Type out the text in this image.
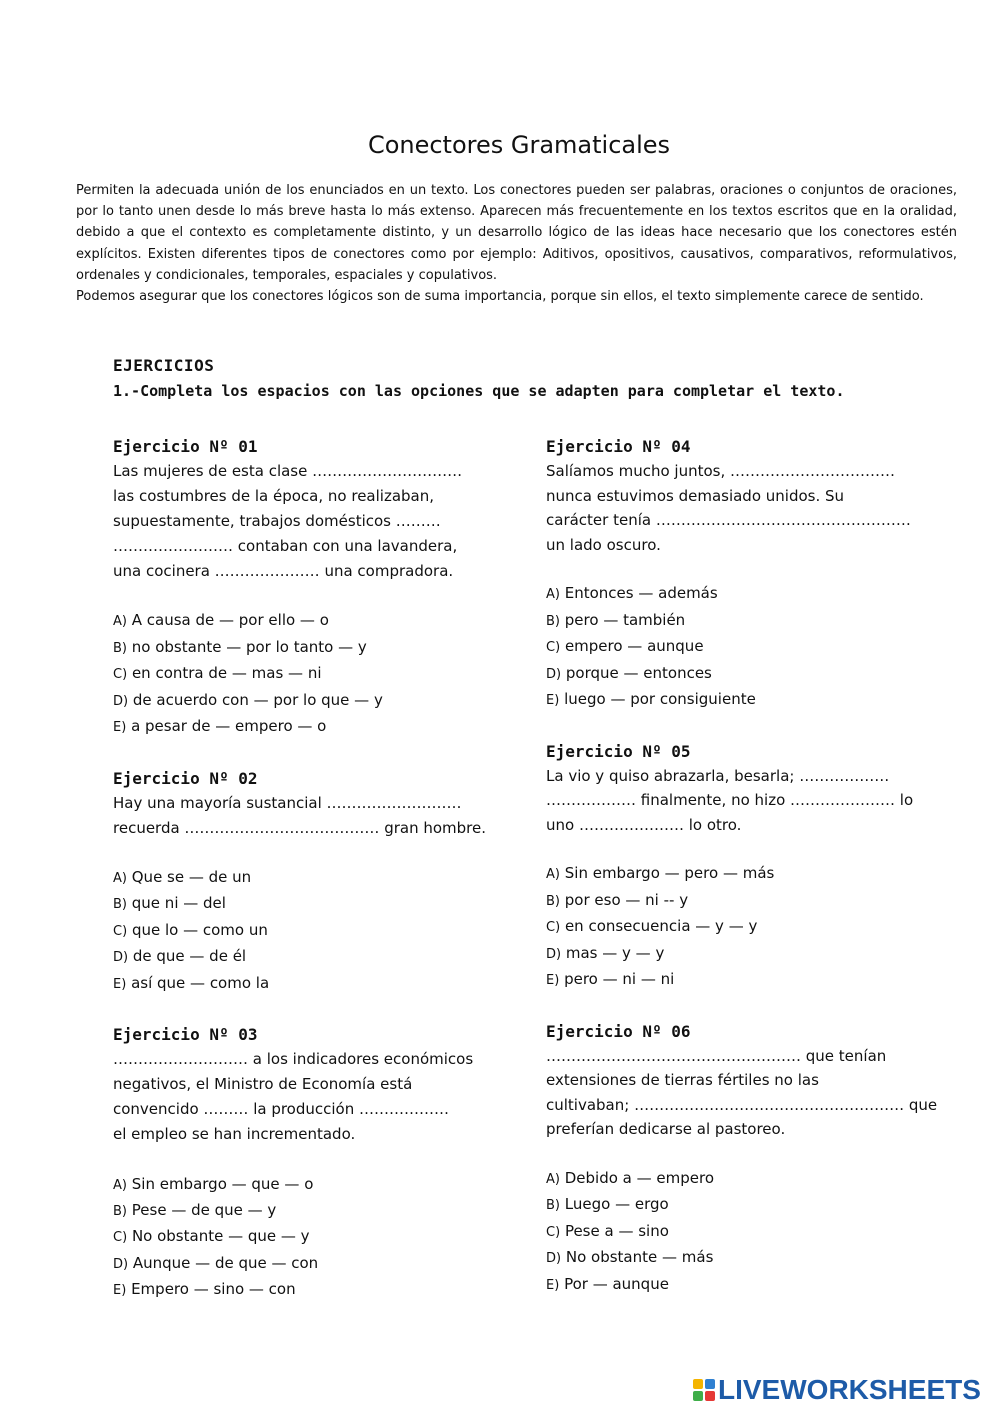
Conectores Gramaticales

Permiten la adecuada unión de los enunciados en un texto. Los conectores pueden ser palabras, oraciones o conjuntos de oraciones, por lo tanto unen desde lo más breve hasta lo más extenso. Aparecen más frecuentemente en los textos escritos que en la oralidad, debido a que el contexto es completamente distinto, y un desarrollo lógico de las ideas hace necesario que los conectores estén explícitos. Existen diferentes tipos de conectores como por ejemplo: Aditivos, opositivos, causativos, comparativos, reformulativos, ordenales y condicionales, temporales, espaciales y copulativos.

Podemos asegurar que los conectores lógicos son de suma importancia, porque sin ellos, el texto simplemente carece de sentido.

EJERCICIOS
1.-Completa los espacios con las opciones que se adapten para completar el texto.
Ejercicio Nº 01
Las mujeres de esta clase …………………………
las costumbres de la época, no realizaban,
supuestamente, trabajos domésticos ………
…………………… contaban con una lavandera,
una cocinera ………………… una compradora.
A) A causa de — por ello — o
B) no obstante — por lo tanto — y
C) en contra de — mas — ni
D) de acuerdo con — por lo que — y
E) a pesar de — empero — o
Ejercicio Nº 02
Hay una mayoría sustancial ………………………
recuerda ………………………………… gran hombre.
A) Que se — de un
B) que ni — del
C) que lo — como un
D) de que — de él
E) así que — como la
Ejercicio Nº 03
……………………… a los indicadores económicos
negativos, el Ministro de Economía está
convencido ……… la producción ………………
el empleo se han incrementado.
A) Sin embargo — que — o
B) Pese — de que — y
C) No obstante — que — y
D) Aunque — de que — con
E) Empero — sino — con
Ejercicio Nº 04
Salíamos mucho juntos, ……………………………
nunca estuvimos demasiado unidos. Su
carácter tenía ……………………………………………
un lado oscuro.
A) Entonces — además
B) pero — también
C) empero — aunque
D) porque — entonces
E) luego — por consiguiente
Ejercicio Nº 05
La vio y quiso abrazarla, besarla; ………………
……………… finalmente, no hizo ………………… lo
uno ………………… lo otro.
A) Sin embargo — pero — más
B) por eso — ni -- y
C) en consecuencia — y — y
D) mas — y — y
E) pero — ni — ni
Ejercicio Nº 06
…………………………………………… que tenían
extensiones de tierras fértiles no las
cultivaban; ……………………………………………… que
preferían dedicarse al pastoreo.
A) Debido a — empero
B) Luego — ergo
C) Pese a — sino
D) No obstante — más
E) Por — aunque
LIVEWORKSHEETS
